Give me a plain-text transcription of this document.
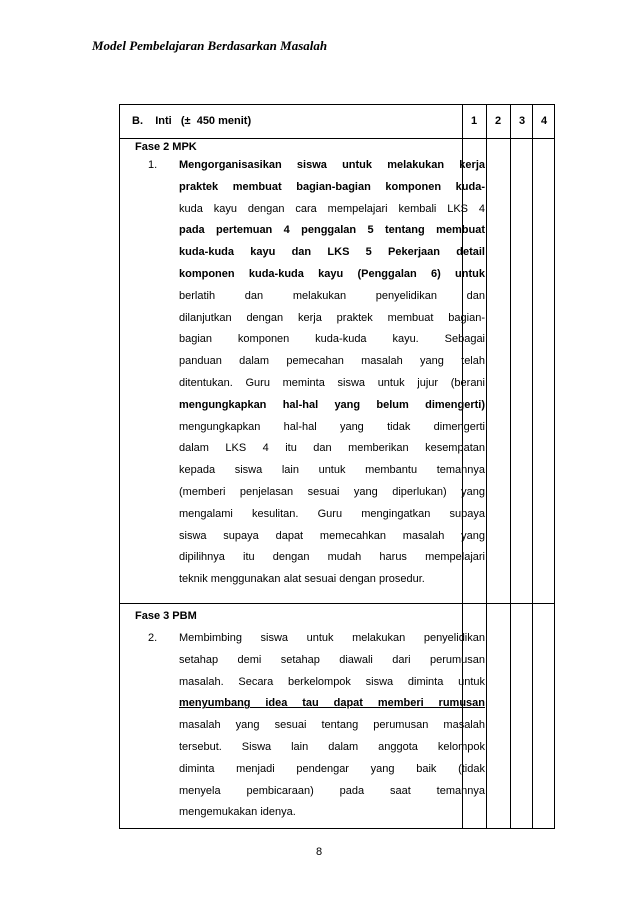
Model Pembelajaran Berdasarkan Masalah
B.    Inti   (±  450 menit)	1	2	3	4
Fase 2 MPK
1. Mengorganisasikan siswa untuk melakukan kerja
praktek membuat bagian-bagian komponen kuda-
kuda kayu dengan cara mempelajari kembali LKS 4
pada pertemuan 4 penggalan 5 tentang membuat
kuda-kuda kayu dan LKS 5 Pekerjaan detail
komponen kuda-kuda kayu (Penggalan 6) untuk
berlatih dan melakukan penyelidikan dan
dilanjutkan dengan kerja praktek membuat bagian-
bagian komponen kuda-kuda kayu. Sebagai
panduan dalam pemecahan masalah yang telah
ditentukan. Guru meminta siswa untuk jujur (berani
mengungkapkan hal-hal yang belum dimengerti)
mengungkapkan hal-hal yang tidak dimengerti
dalam LKS 4 itu dan memberikan kesempatan
kepada siswa lain untuk membantu temannya
(memberi penjelasan sesuai yang diperlukan) yang
mengalami kesulitan. Guru mengingatkan supaya
siswa supaya dapat memecahkan masalah yang
dipilihnya itu dengan mudah harus mempelajari
teknik menggunakan alat sesuai dengan prosedur.
Fase 3 PBM
2. Membimbing siswa untuk melakukan penyelidikan
setahap demi setahap diawali dari perumusan
masalah. Secara berkelompok siswa diminta untuk
menyumbang idea tau dapat memberi rumusan
masalah yang sesuai tentang perumusan masalah
tersebut. Siswa lain dalam anggota kelompok
diminta menjadi pendengar yang baik (tidak
menyela pembicaraan) pada saat temannya
mengemukakan idenya.
8
